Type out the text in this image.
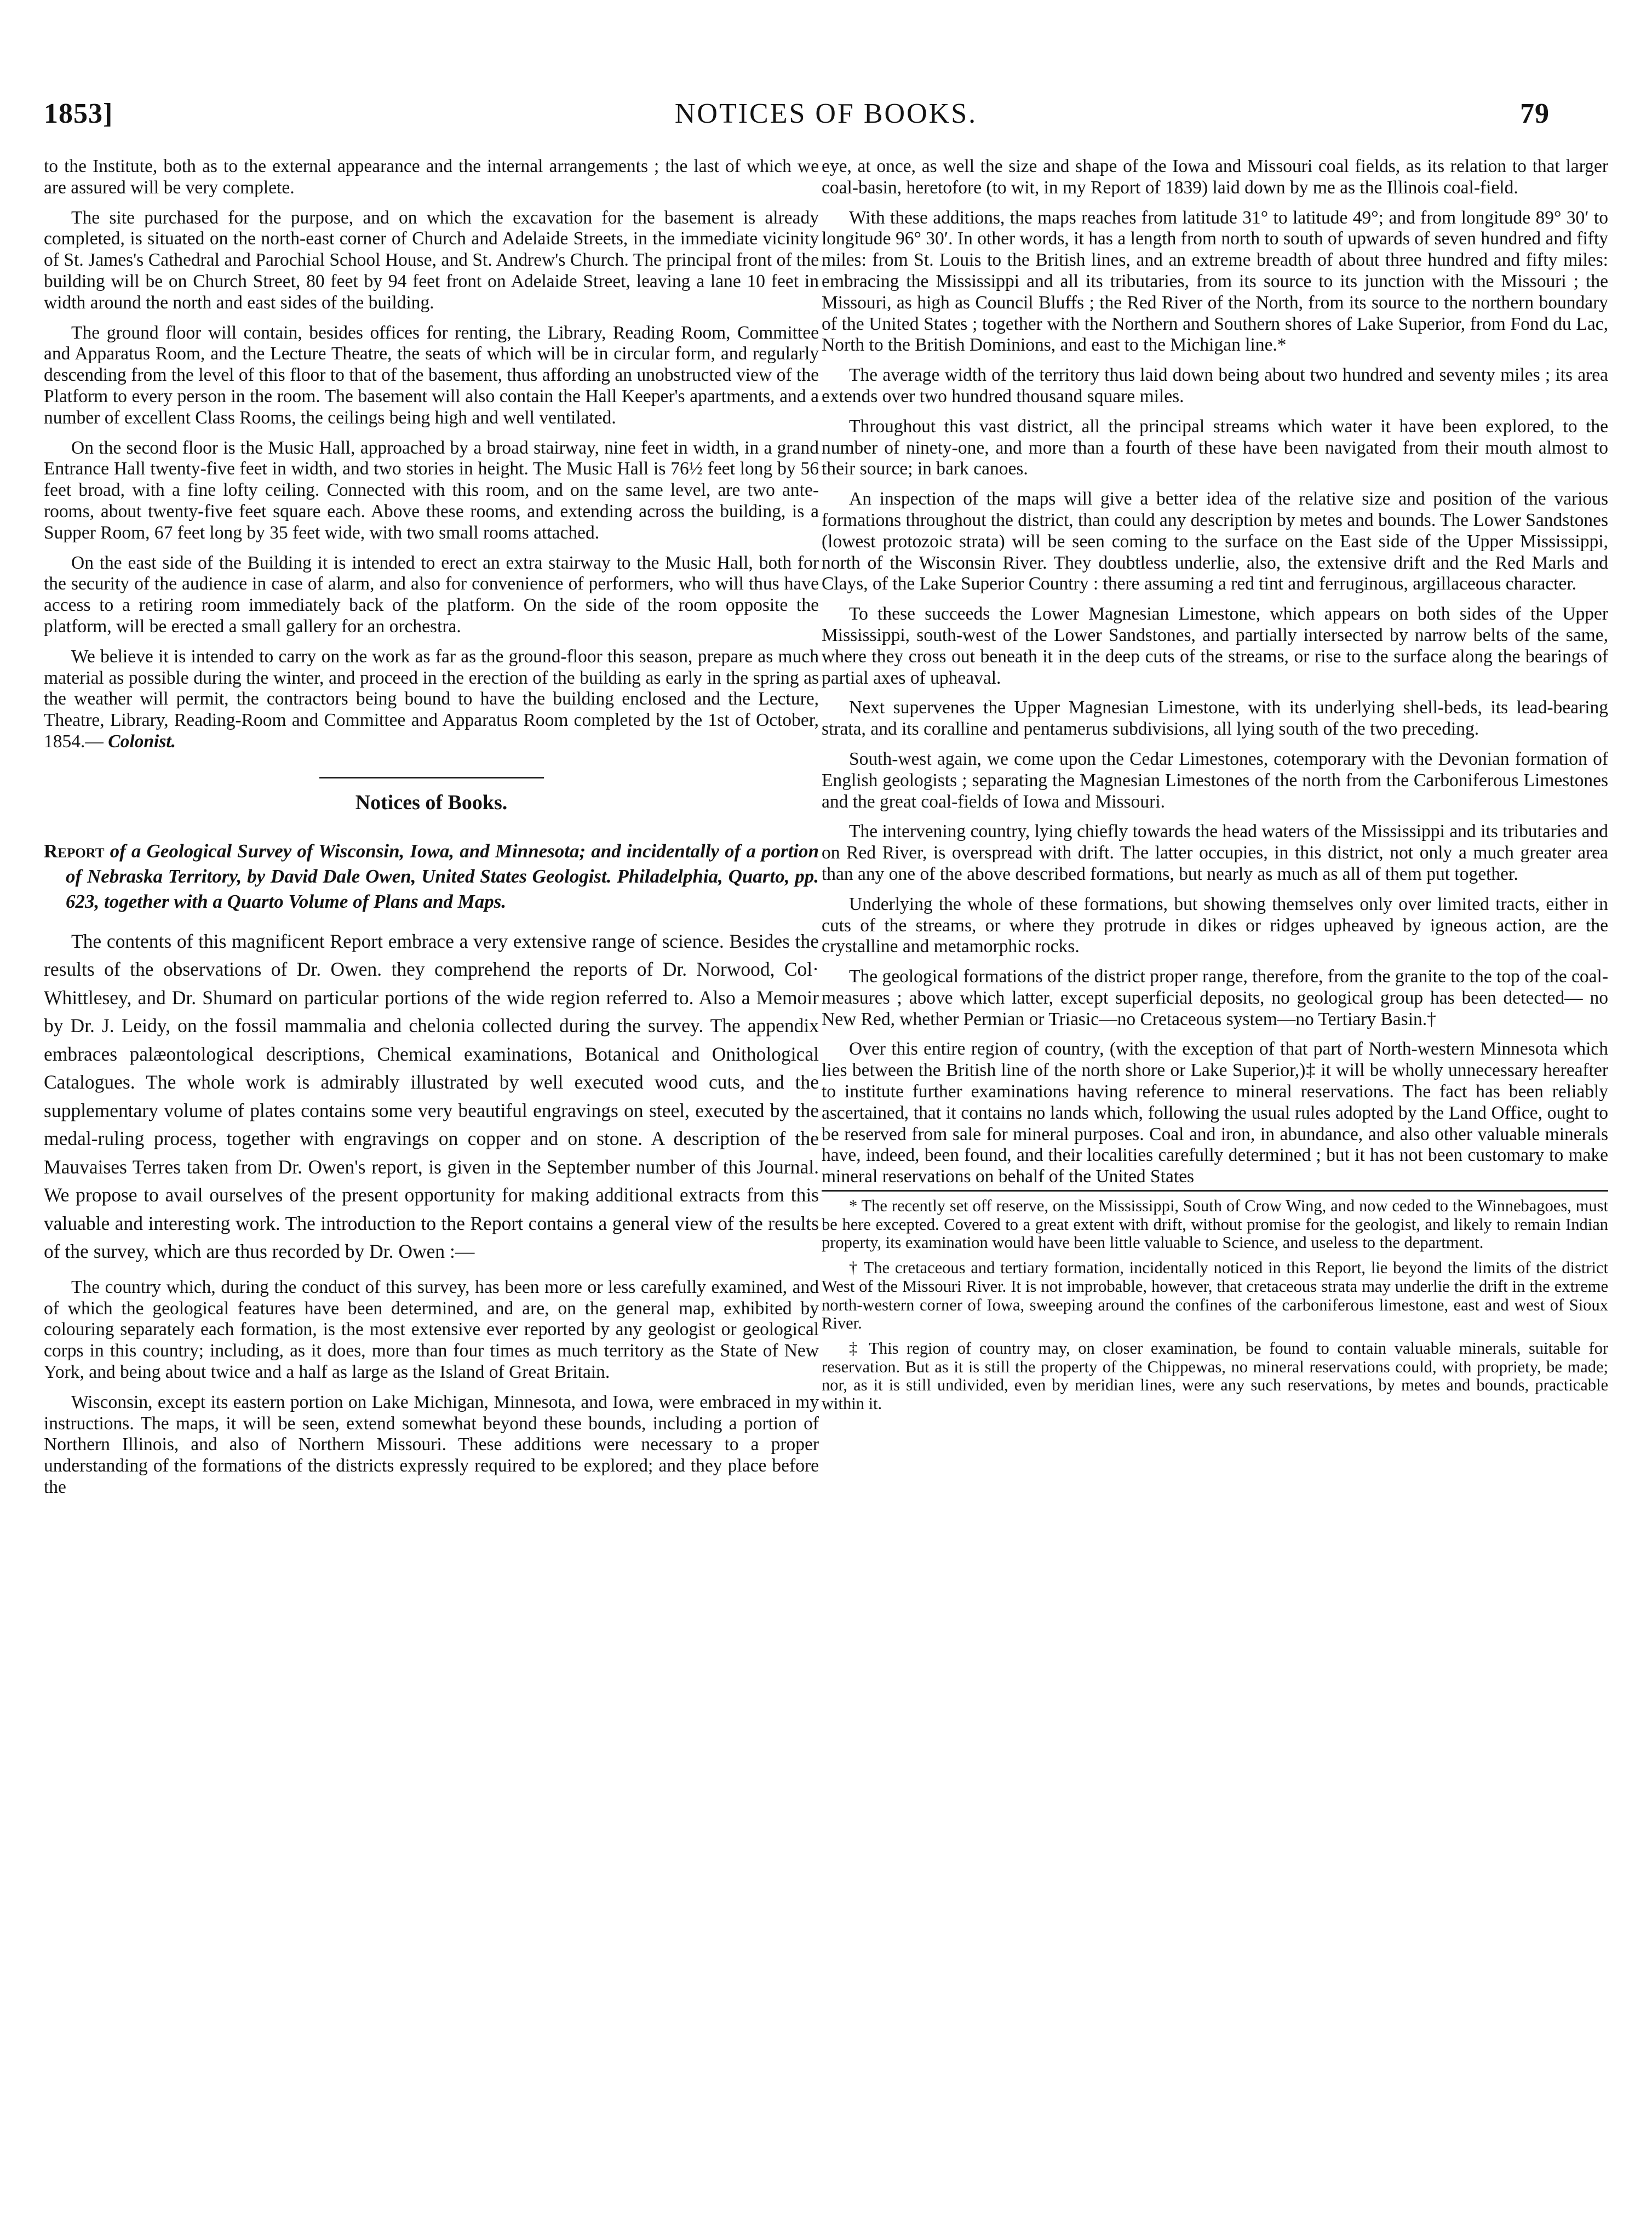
1853]	NOTICES OF BOOKS.	79

to the Institute, both as to the external appearance and the internal arrangements ; the last of which we are assured will be very complete.

The site purchased for the purpose, and on which the excavation for the basement is already completed, is situated on the north-east corner of Church and Adelaide Streets, in the immediate vicinity of St. James's Cathedral and Parochial School House, and St. Andrew's Church. The principal front of the building will be on Church Street, 80 feet by 94 feet front on Adelaide Street, leaving a lane 10 feet in width around the north and east sides of the building.

The ground floor will contain, besides offices for renting, the Library, Reading Room, Committee and Apparatus Room, and the Lecture Theatre, the seats of which will be in circular form, and regularly descending from the level of this floor to that of the basement, thus affording an unobstructed view of the Platform to every person in the room. The basement will also contain the Hall Keeper's apartments, and a number of excellent Class Rooms, the ceilings being high and well ventilated.

On the second floor is the Music Hall, approached by a broad stairway, nine feet in width, in a grand Entrance Hall twenty-five feet in width, and two stories in height. The Music Hall is 76½ feet long by 56 feet broad, with a fine lofty ceiling. Connected with this room, and on the same level, are two ante-rooms, about twenty-five feet square each. Above these rooms, and extending across the building, is a Supper Room, 67 feet long by 35 feet wide, with two small rooms attached.

On the east side of the Building it is intended to erect an extra stairway to the Music Hall, both for the security of the audience in case of alarm, and also for convenience of performers, who will thus have access to a retiring room immediately back of the platform. On the side of the room opposite the platform, will be erected a small gallery for an orchestra.

We believe it is intended to carry on the work as far as the ground-floor this season, prepare as much material as possible during the winter, and proceed in the erection of the building as early in the spring as the weather will permit, the contractors being bound to have the building enclosed and the Lecture, Theatre, Library, Reading-Room and Committee and Apparatus Room completed by the 1st of October, 1854.— Colonist.

Notices of Books.

Report of a Geological Survey of Wisconsin, Iowa, and Minnesota; and incidentally of a portion of Nebraska Territory, by David Dale Owen, United States Geologist. Philadelphia, Quarto, pp. 623, together with a Quarto Volume of Plans and Maps.

The contents of this magnificent Report embrace a very extensive range of science. Besides the results of the observations of Dr. Owen. they comprehend the reports of Dr. Norwood, Col· Whittlesey, and Dr. Shumard on particular portions of the wide region referred to. Also a Memoir by Dr. J. Leidy, on the fossil mammalia and chelonia collected during the survey. The appendix embraces palæontological descriptions, Chemical examinations, Botanical and Onithological Catalogues. The whole work is admirably illustrated by well executed wood cuts, and the supplementary volume of plates contains some very beautiful engravings on steel, executed by the medal-ruling process, together with engravings on copper and on stone. A description of the Mauvaises Terres taken from Dr. Owen's report, is given in the September number of this Journal. We propose to avail ourselves of the present opportunity for making additional extracts from this valuable and interesting work. The introduction to the Report contains a general view of the results of the survey, which are thus recorded by Dr. Owen :—

The country which, during the conduct of this survey, has been more or less carefully examined, and of which the geological features have been determined, and are, on the general map, exhibited by colouring separately each formation, is the most extensive ever reported by any geologist or geological corps in this country; including, as it does, more than four times as much territory as the State of New York, and being about twice and a half as large as the Island of Great Britain.

Wisconsin, except its eastern portion on Lake Michigan, Minnesota, and Iowa, were embraced in my instructions. The maps, it will be seen, extend somewhat beyond these bounds, including a portion of Northern Illinois, and also of Northern Missouri. These additions were necessary to a proper understanding of the formations of the districts expressly required to be explored; and they place before the

eye, at once, as well the size and shape of the Iowa and Missouri coal fields, as its relation to that larger coal-basin, heretofore (to wit, in my Report of 1839) laid down by me as the Illinois coal-field.

With these additions, the maps reaches from latitude 31° to latitude 49°; and from longitude 89° 30′ to longitude 96° 30′. In other words, it has a length from north to south of upwards of seven hundred and fifty miles: from St. Louis to the British lines, and an extreme breadth of about three hundred and fifty miles: embracing the Mississippi and all its tributaries, from its source to its junction with the Missouri ; the Missouri, as high as Council Bluffs ; the Red River of the North, from its source to the northern boundary of the United States ; together with the Northern and Southern shores of Lake Superior, from Fond du Lac, North to the British Dominions, and east to the Michigan line.*

The average width of the territory thus laid down being about two hundred and seventy miles ; its area extends over two hundred thousand square miles.

Throughout this vast district, all the principal streams which water it have been explored, to the number of ninety-one, and more than a fourth of these have been navigated from their mouth almost to their source; in bark canoes.

An inspection of the maps will give a better idea of the relative size and position of the various formations throughout the district, than could any description by metes and bounds. The Lower Sandstones (lowest protozoic strata) will be seen coming to the surface on the East side of the Upper Mississippi, north of the Wisconsin River. They doubtless underlie, also, the extensive drift and the Red Marls and Clays, of the Lake Superior Country : there assuming a red tint and ferruginous, argillaceous character.

To these succeeds the Lower Magnesian Limestone, which appears on both sides of the Upper Mississippi, south-west of the Lower Sandstones, and partially intersected by narrow belts of the same, where they cross out beneath it in the deep cuts of the streams, or rise to the surface along the bearings of partial axes of upheaval.

Next supervenes the Upper Magnesian Limestone, with its underlying shell-beds, its lead-bearing strata, and its coralline and pentamerus subdivisions, all lying south of the two preceding.

South-west again, we come upon the Cedar Limestones, cotemporary with the Devonian formation of English geologists ; separating the Magnesian Limestones of the north from the Carboniferous Limestones and the great coal-fields of Iowa and Missouri.

The intervening country, lying chiefly towards the head waters of the Mississippi and its tributaries and on Red River, is overspread with drift. The latter occupies, in this district, not only a much greater area than any one of the above described formations, but nearly as much as all of them put together.

Underlying the whole of these formations, but showing themselves only over limited tracts, either in cuts of the streams, or where they protrude in dikes or ridges upheaved by igneous action, are the crystalline and metamorphic rocks.

The geological formations of the district proper range, therefore, from the granite to the top of the coal-measures ; above which latter, except superficial deposits, no geological group has been detected— no New Red, whether Permian or Triasic—no Cretaceous system—no Tertiary Basin.†

Over this entire region of country, (with the exception of that part of North-western Minnesota which lies between the British line of the north shore or Lake Superior,)‡ it will be wholly unnecessary hereafter to institute further examinations having reference to mineral reservations. The fact has been reliably ascertained, that it contains no lands which, following the usual rules adopted by the Land Office, ought to be reserved from sale for mineral purposes. Coal and iron, in abundance, and also other valuable minerals have, indeed, been found, and their localities carefully determined ; but it has not been customary to make mineral reservations on behalf of the United States

* The recently set off reserve, on the Mississippi, South of Crow Wing, and now ceded to the Winnebagoes, must be here excepted. Covered to a great extent with drift, without promise for the geologist, and likely to remain Indian property, its examination would have been little valuable to Science, and useless to the department.

† The cretaceous and tertiary formation, incidentally noticed in this Report, lie beyond the limits of the district West of the Missouri River. It is not improbable, however, that cretaceous strata may underlie the drift in the extreme north-western corner of Iowa, sweeping around the confines of the carboniferous limestone, east and west of Sioux River.

‡ This region of country may, on closer examination, be found to contain valuable minerals, suitable for reservation. But as it is still the property of the Chippewas, no mineral reservations could, with propriety, be made; nor, as it is still undivided, even by meridian lines, were any such reservations, by metes and bounds, practicable within it.
